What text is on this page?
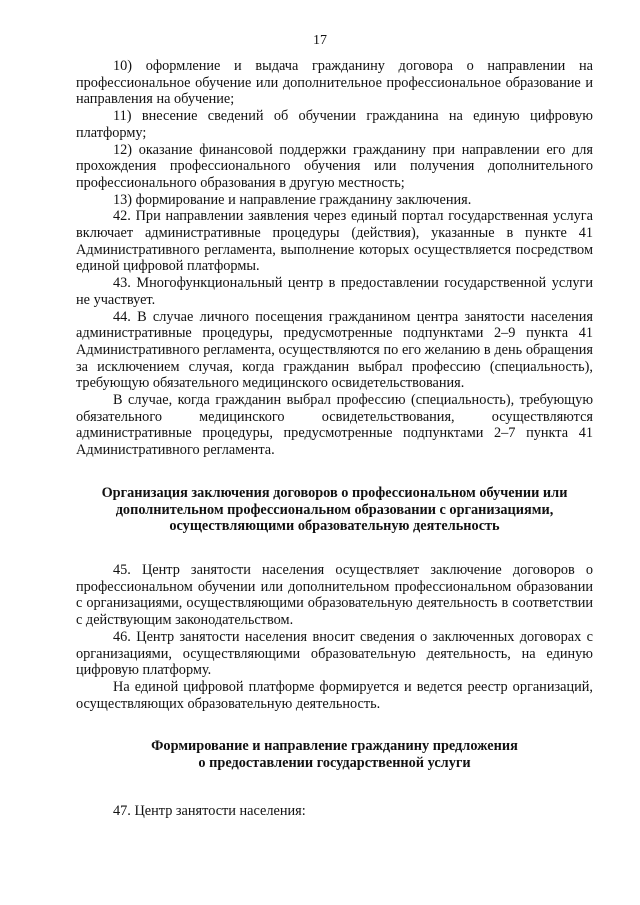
17

10) оформление и выдача гражданину договора о направлении на профессиональное обучение или дополнительное профессиональное образование и направления на обучение;

11) внесение сведений об обучении гражданина на единую цифровую платформу;

12) оказание финансовой поддержки гражданину при направлении его для прохождения профессионального обучения или получения дополнительного профессионального образования в другую местность;

13) формирование и направление гражданину заключения.

42. При направлении заявления через единый портал государственная услуга включает административные процедуры (действия), указанные в пункте 41 Административного регламента, выполнение которых осуществляется посредством единой цифровой платформы.

43. Многофункциональный центр в предоставлении государственной услуги не участвует.

44. В случае личного посещения гражданином центра занятости населения административные процедуры, предусмотренные подпунктами 2–9 пункта 41 Административного регламента, осуществляются по его желанию в день обращения за исключением случая, когда гражданин выбрал профессию (специальность), требующую обязательного медицинского освидетельствования.

В случае, когда гражданин выбрал профессию (специальность), требующую обязательного медицинского освидетельствования, осуществляются административные процедуры, предусмотренные подпунктами 2–7 пункта 41 Административного регламента.

Организация заключения договоров о профессиональном обучении или
дополнительном профессиональном образовании с организациями,
осуществляющими образовательную деятельность

45. Центр занятости населения осуществляет заключение договоров о профессиональном обучении или дополнительном профессиональном образовании с организациями, осуществляющими образовательную деятельность в соответствии с действующим законодательством.

46. Центр занятости населения вносит сведения о заключенных договорах с организациями, осуществляющими образовательную деятельность, на единую цифровую платформу.

На единой цифровой платформе формируется и ведется реестр организаций, осуществляющих образовательную деятельность.

Формирование и направление гражданину предложения
о предоставлении государственной услуги

47. Центр занятости населения:
